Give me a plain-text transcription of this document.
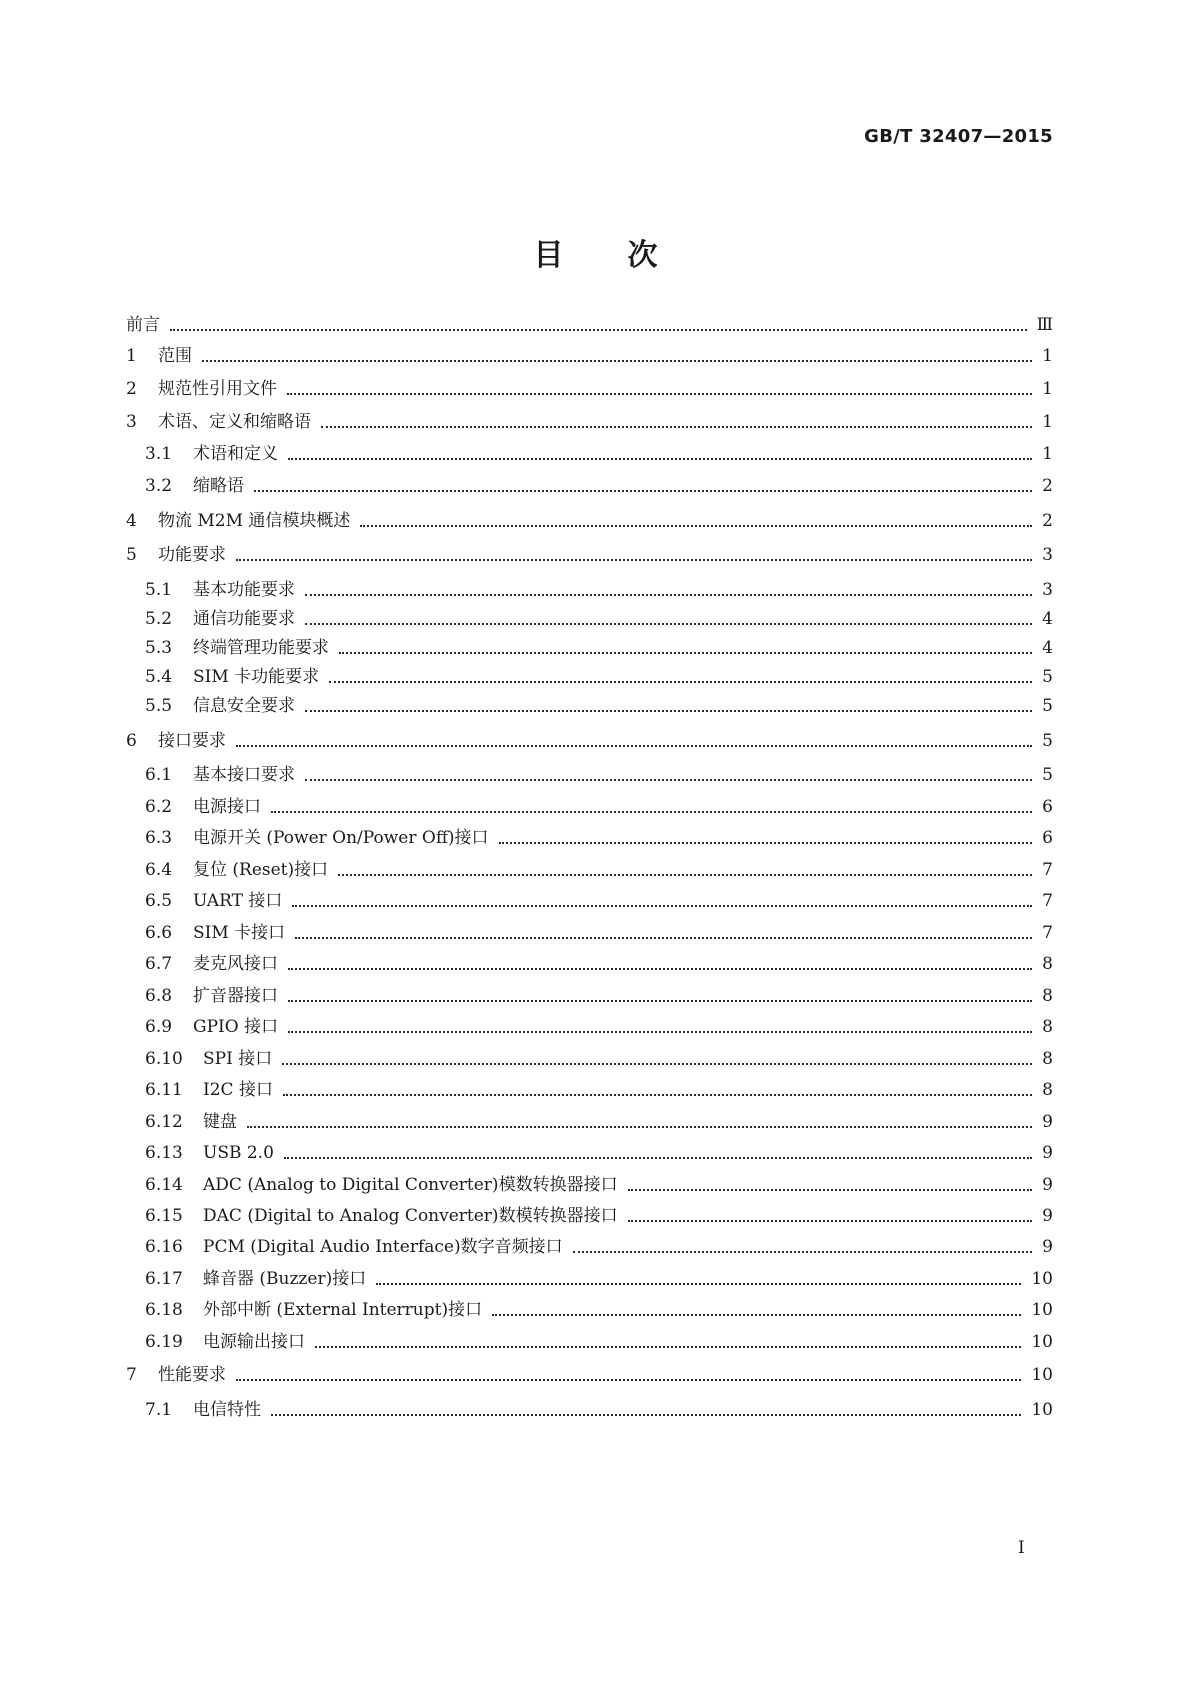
GB/T 32407—2015
目次
前言	Ⅲ
1	范围	1
2	规范性引用文件	1
3	术语、定义和缩略语	1
3.1	术语和定义	1
3.2	缩略语	2
4	物流 M2M 通信模块概述	2
5	功能要求	3
5.1	基本功能要求	3
5.2	通信功能要求	4
5.3	终端管理功能要求	4
5.4	SIM 卡功能要求	5
5.5	信息安全要求	5
6	接口要求	5
6.1	基本接口要求	5
6.2	电源接口	6
6.3	电源开关 (Power On/Power Off)接口	6
6.4	复位 (Reset)接口	7
6.5	UART 接口	7
6.6	SIM 卡接口	7
6.7	麦克风接口	8
6.8	扩音器接口	8
6.9	GPIO 接口	8
6.10	SPI 接口	8
6.11	I2C 接口	8
6.12	键盘	9
6.13	USB 2.0	9
6.14	ADC (Analog to Digital Converter)模数转换器接口	9
6.15	DAC (Digital to Analog Converter)数模转换器接口	9
6.16	PCM (Digital Audio Interface)数字音频接口	9
6.17	蜂音器 (Buzzer)接口	10
6.18	外部中断 (External Interrupt)接口	10
6.19	电源输出接口	10
7	性能要求	10
7.1	电信特性	10
I
